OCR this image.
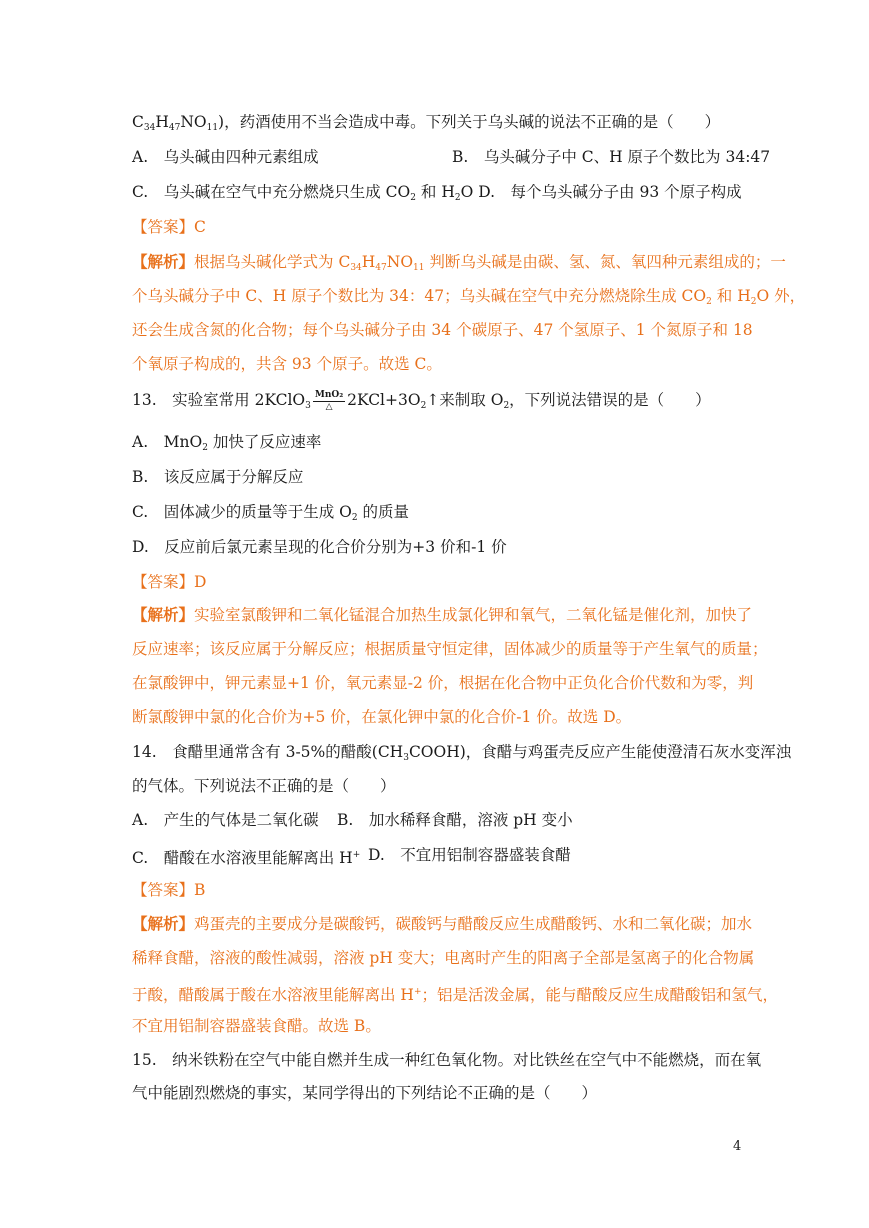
$C_{34}H_{47}NO_{11}$)，药酒使用不当会造成中毒。下列关于乌头碱的说法不正确的是（　　）
A.　乌头碱由四种元素组成	B.　乌头碱分子中 C、H 原子个数比为 34:47
C.　乌头碱在空气中充分燃烧只生成 $CO_2$ 和 $H_2O$ D.　每个乌头碱分子由 93 个原子构成
【答案】C
【解析】根据乌头碱化学式为 $C_{34}H_{47}NO_{11}$ 判断乌头碱是由碳、氢、氮、氧四种元素组成的；一
个乌头碱分子中 C、H 原子个数比为 34：47；乌头碱在空气中充分燃烧除生成 $CO_2$ 和 $H_2O$ 外，
还会生成含氮的化合物；每个乌头碱分子由 34 个碳原子、47 个氢原子、1 个氮原子和 18
个氧原子构成的，共含 93 个原子。故选 C。
13.　实验室常用 2KClO$_3$ $\frac{\text{MnO₂}}{\triangle}$ $2KCl+3O_2↑$来制取 $O_2$，下列说法错误的是（　　）
A.　MnO$_2$ 加快了反应速率
B.　该反应属于分解反应
C.　固体减少的质量等于生成 $O_2$ 的质量
D.　反应前后氯元素呈现的化合价分别为+3 价和-1 价
【答案】D
【解析】实验室氯酸钾和二氧化锰混合加热生成氯化钾和氧气，二氧化锰是催化剂，加快了
反应速率；该反应属于分解反应；根据质量守恒定律，固体减少的质量等于产生氧气的质量；
在氯酸钾中，钾元素显+1 价，氧元素显-2 价，根据在化合物中正负化合价代数和为零，判
断氯酸钾中氯的化合价为+5 价，在氯化钾中氯的化合价-1 价。故选 D。
14.　食醋里通常含有 3-5%的醋酸$(CH_3COOH)$，食醋与鸡蛋壳反应产生能使澄清石灰水变浑浊
的气体。下列说法不正确的是（　　）
A.　产生的气体是二氧化碳 B.　加水稀释食醋，溶液 pH 变小
C.　醋酸在水溶液里能解离出 H+ D.　不宜用铝制容器盛装食醋
【答案】B
【解析】鸡蛋壳的主要成分是碳酸钙，碳酸钙与醋酸反应生成醋酸钙、水和二氧化碳；加水
稀释食醋，溶液的酸性减弱，溶液 pH 变大；电离时产生的阳离子全部是氢离子的化合物属
于酸，醋酸属于酸在水溶液里能解离出 H+；铝是活泼金属，能与醋酸反应生成醋酸铝和氢气，
不宜用铝制容器盛装食醋。故选 B。
15.　纳米铁粉在空气中能自燃并生成一种红色氧化物。对比铁丝在空气中不能燃烧，而在氧
气中能剧烈燃烧的事实，某同学得出的下列结论不正确的是（　　）
4
